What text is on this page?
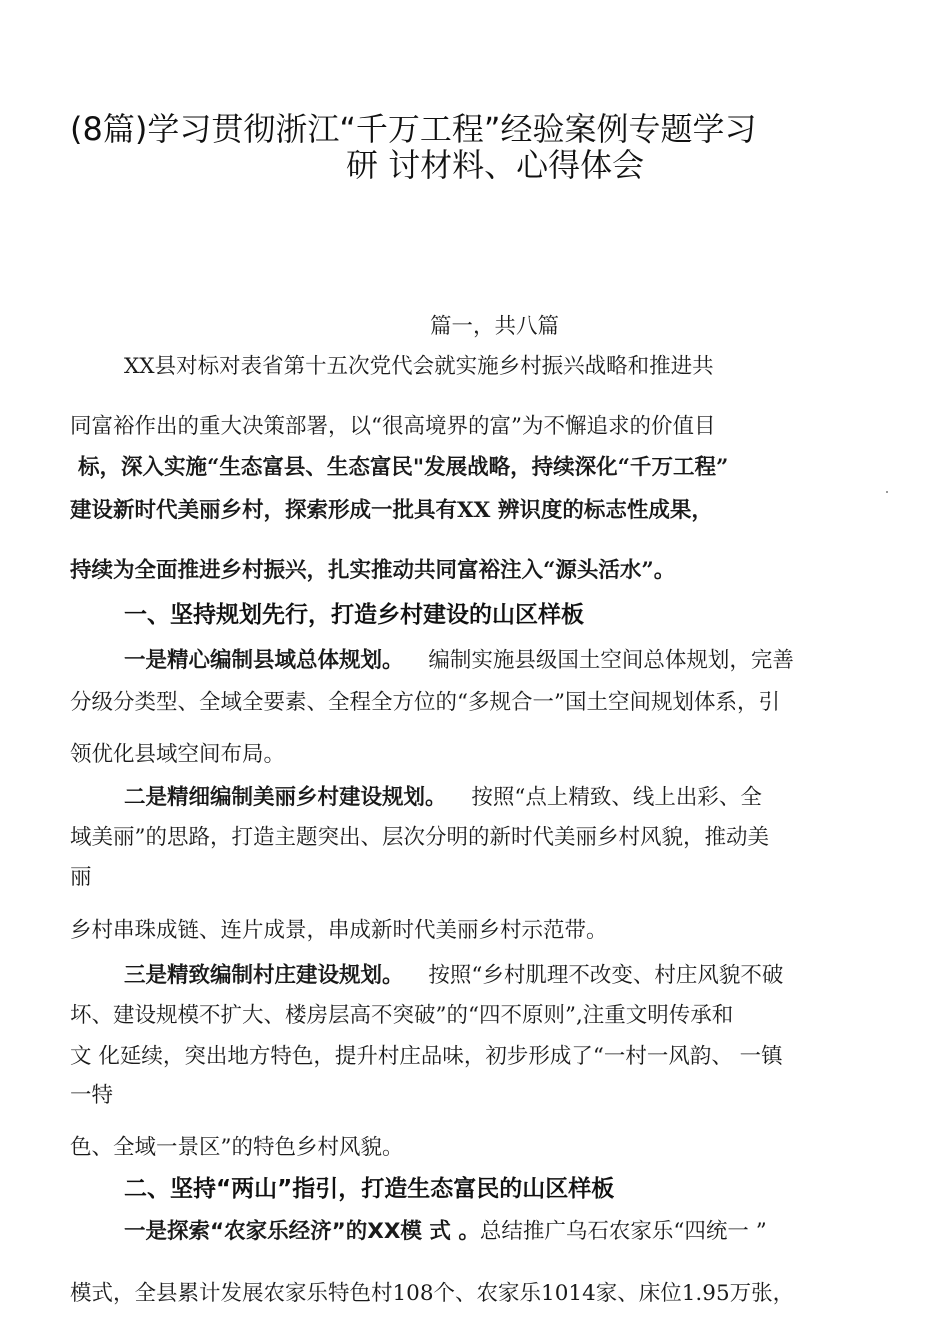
(8篇)学习贯彻浙江“千万工程”经验案例专题学习
研 讨材料、心得体会
篇一，共八篇
XX县对标对表省第十五次党代会就实施乡村振兴战略和推进共
同富裕作出的重大决策部署，以“很高境界的富”为不懈追求的价值目
标，深入实施“生态富县、生态富民"发展战略，持续深化“千万工程”
建设新时代美丽乡村，探索形成一批具有XX 辨识度的标志性成果，
持续为全面推进乡村振兴，扎实推动共同富裕注入“源头活水”。
一、坚持规划先行，打造乡村建设的山区样板
一是精心编制县域总体规划。 编制实施县级国土空间总体规划，完善
分级分类型、全域全要素、全程全方位的“多规合一”国土空间规划体系，引
领优化县域空间布局。
二是精细编制美丽乡村建设规划。 按照“点上精致、线上出彩、全
域美丽”的思路，打造主题突出、层次分明的新时代美丽乡村风貌，推动美
丽
乡村串珠成链、连片成景，串成新时代美丽乡村示范带。
三是精致编制村庄建设规划。 按照“乡村肌理不改变、村庄风貌不破
坏、建设规模不扩大、楼房层高不突破”的“四不原则”,注重文明传承和
文 化延续，突出地方特色，提升村庄品味，初步形成了“一村一风韵、 一镇
一特
色、全域一景区”的特色乡村风貌。
二、坚持“两山”指引，打造生态富民的山区样板
一是探索“农家乐经济”的XX模 式 。总结推广乌石农家乐“四统一 ”
模式，全县累计发展农家乐特色村108个、农家乐1014家、床位1.95万张，
